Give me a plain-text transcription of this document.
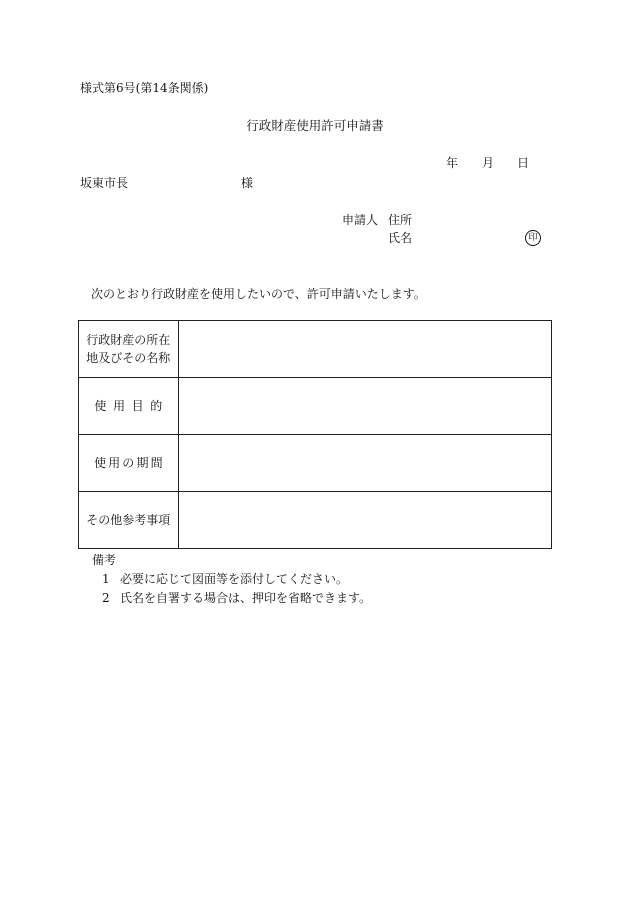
様式第6号(第14条関係)
行政財産使用許可申請書
年 月 日
坂東市長	様
申請人 住所
氏名	印
次のとおり行政財産を使用したいので、許可申請いたします。
行政財産の所在
地及びその名称	

使用目的	
使用の期間	
その他参考事項	
備考
1 必要に応じて図面等を添付してください。
2 氏名を自署する場合は、押印を省略できます。
